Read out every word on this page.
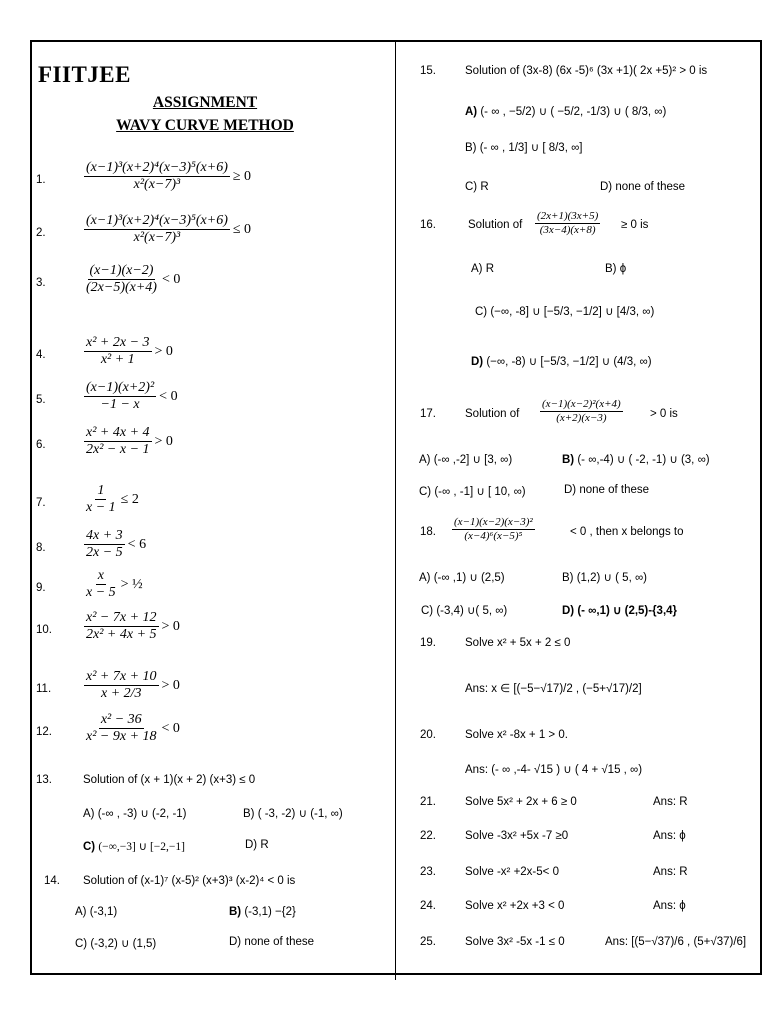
FIITJEE
ASSIGNMENT
WAVY CURVE METHOD
1.	$\frac{\text{(x−1)³(x+2)⁴(x−3)⁵(x+6)}}{\text{x²(x−7)³}} \ge 0$
2.	$\frac{\text{(x−1)³(x+2)⁴(x−3)⁵(x+6)}}{\text{x²(x−7)³}} \le 0$
3.	$\frac{(x-1)(x-2)}{(2x-5)(x+4)} < 0$
4.	$\frac{\text{x² + 2x − 3}}{\text{x² + 1}} > 0$
5.	$\frac{\text{(x−1)(x+2)²}}{-1 - x} < 0$
6.	$\frac{\text{x² + 4x + 4}}{\text{2x² − x − 1}} > 0$
7.	$\frac{1}{x - 1} \le 2$
8.	$\frac{4x + 3}{2x - 5} < 6$
9.	$\frac{x}{x - 5}$ > ½
10. $\frac{\text{x² − 7x + 12}}{\text{2x² + 4x + 5}} > 0$
11. $\frac{\text{x² + 7x + 10}}{x + 2/3} > 0$
12. $\frac{\text{x² − 36}}{\text{x² − 9x + 18}} < 0$
13.	Solution of (x + 1)(x + 2) (x+3) ≤ 0
A) (-∞ , -3) ∪ (-2, -1)	B) ( -3, -2) ∪ (-1, ∞)
C) (−∞,−3] ∪ [−2,−1]	D) R
14. Solution of (x-1)⁷ (x-5)² (x+3)³ (x-2)⁴ < 0 is
A) (-3,1)	B) (-3,1) −{2}
C) (-3,2) ∪ (1,5)	D) none of these
15.	Solution of (3x-8) (6x -5)⁶ (3x +1)( 2x +5)² > 0 is
A) (- ∞ , −5/2) ∪ ( −5/2, -1/3) ∪ ( 8/3, ∞)
B) (- ∞ , 1/3] ∪ [ 8/3, ∞]
C) R	D) none of these
16.	Solution of $\frac{(2x+1)(3x+5)}{(3x-4)(x+8)} \ge 0$ is
A) R	B) ϕ
C) (−∞, -8] ∪ [−5/3, −1/2] ∪ [4/3, ∞)
D) (−∞, -8) ∪ [−5/3, −1/2] ∪ (4/3, ∞)
17.	Solution of $\frac{\text{(x−1)(x−2)²(x+4)}}{(x+2)(x-3)} > 0$ is
A) (-∞ ,-2] ∪ [3, ∞)	B) (- ∞,-4) ∪ ( -2, -1) ∪ (3, ∞)
C) (-∞ , -1] ∪ [ 10, ∞)	D) none of these
18. $\frac{\text{(x−1)(x−2)(x−3)²}}{\text{(x−4)⁶(x−5)⁵}}$	< 0 , then x belongs to
A) (-∞ ,1) ∪ (2,5)	B) (1,2) ∪ ( 5, ∞)
C) (-3,4) ∪( 5, ∞)	D) (- ∞,1) ∪ (2,5)-{3,4}
19.	Solve x² + 5x + 2 ≤ 0
Ans: x ∈ [(−5−√17)/2 , (−5+√17)/2]
20.	Solve x² -8x + 1 > 0.
Ans: (- ∞ ,-4- √15 ) ∪ ( 4 + √15 , ∞)
21.	Solve 5x² + 2x + 6 ≥ 0	Ans: R
22.	Solve -3x² +5x -7 ≥0	Ans: ϕ
23.	Solve -x² +2x-5< 0	Ans: R
24.	Solve x² +2x +3 < 0	Ans: ϕ
25.	Solve 3x² -5x -1 ≤ 0	Ans: [(5−√37)/6 , (5+√37)/6]
